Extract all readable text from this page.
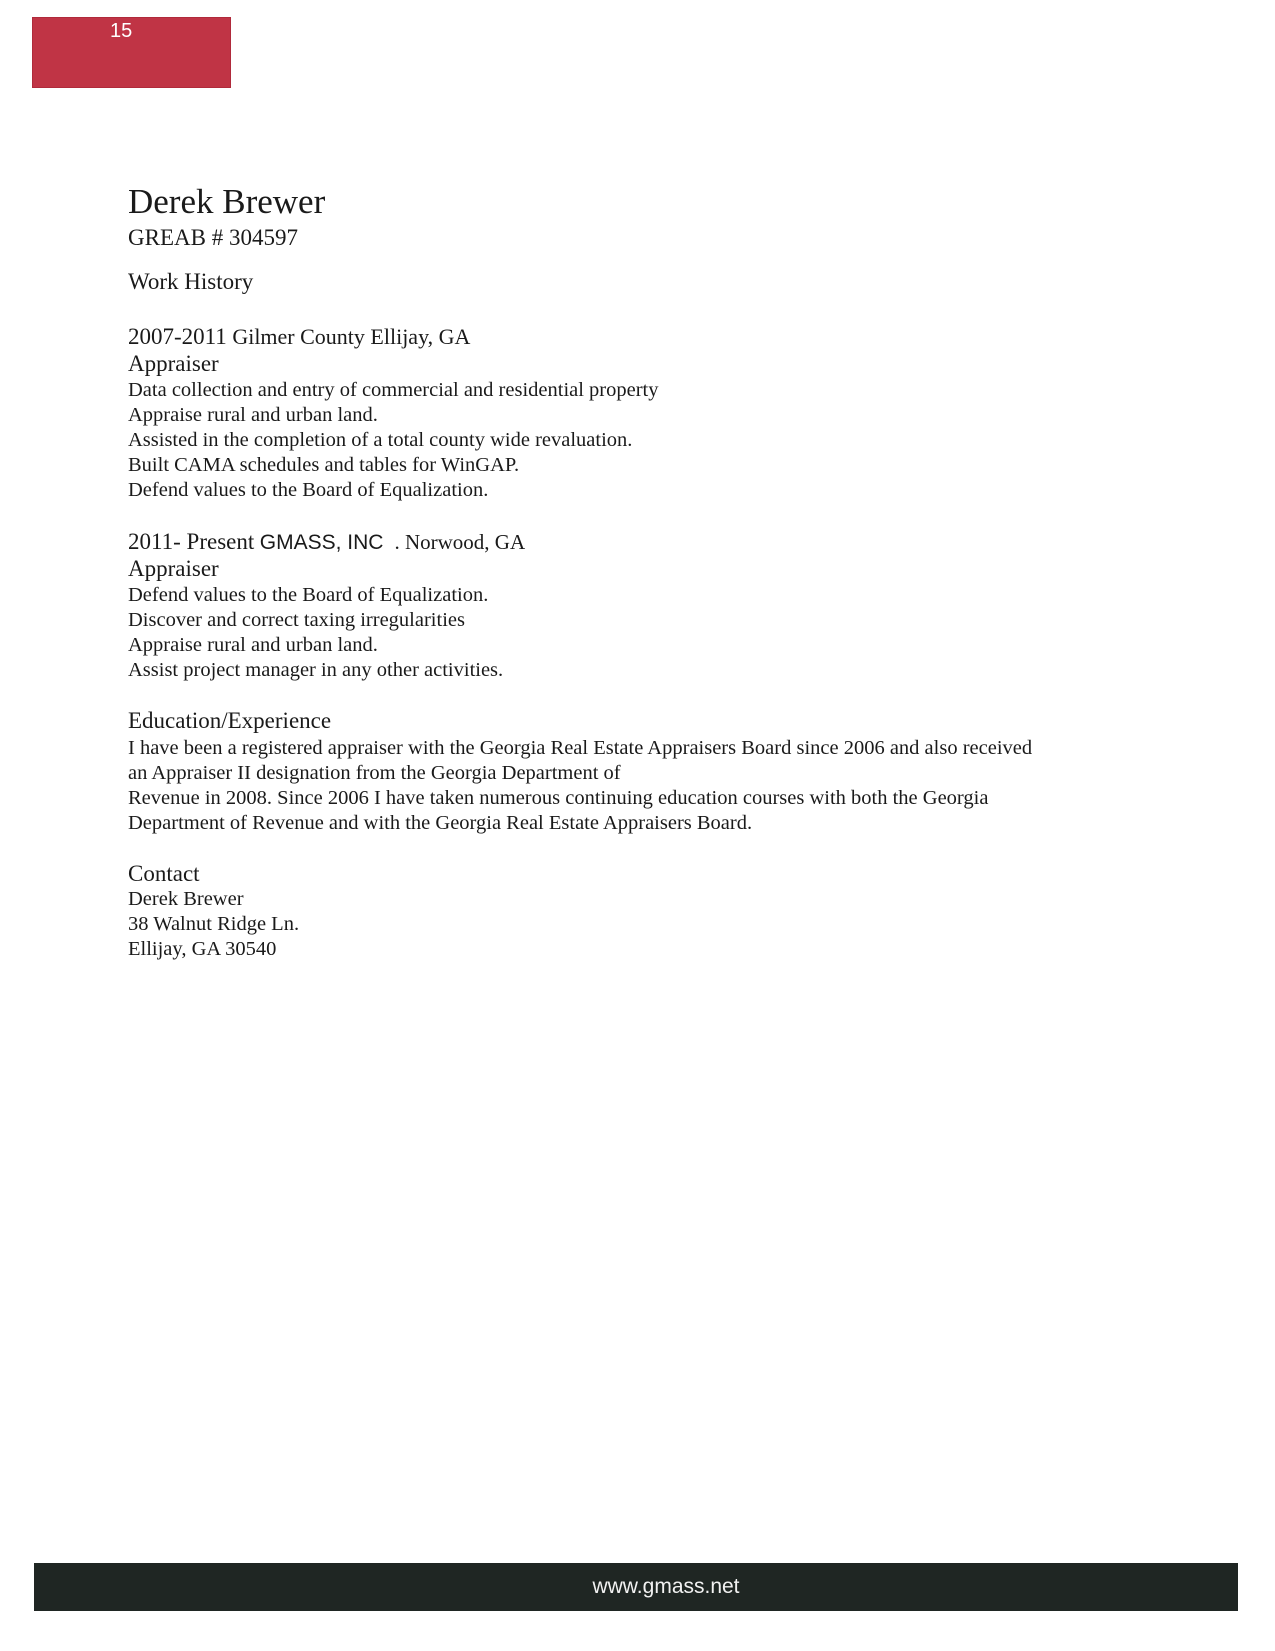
15
Derek Brewer
GREAB # 304597
Work History
2007-2011 Gilmer County Ellijay, GA
Appraiser
Data collection and entry of commercial and residential property
Appraise rural and urban land.
Assisted in the completion of a total county wide revaluation.
Built CAMA schedules and tables for WinGAP.
Defend values to the Board of Equalization.
2011- Present GMASS, INC . Norwood, GA
Appraiser
Defend values to the Board of Equalization.
Discover and correct taxing irregularities
Appraise rural and urban land.
Assist project manager in any other activities.
Education/Experience
I have been a registered appraiser with the Georgia Real Estate Appraisers Board since 2006 and also received
an Appraiser II designation from the Georgia Department of
Revenue in 2008. Since 2006 I have taken numerous continuing education courses with both the Georgia
Department of Revenue and with the Georgia Real Estate Appraisers Board.
Contact
Derek Brewer
38 Walnut Ridge Ln.
Ellijay, GA 30540
www.gmass.net
